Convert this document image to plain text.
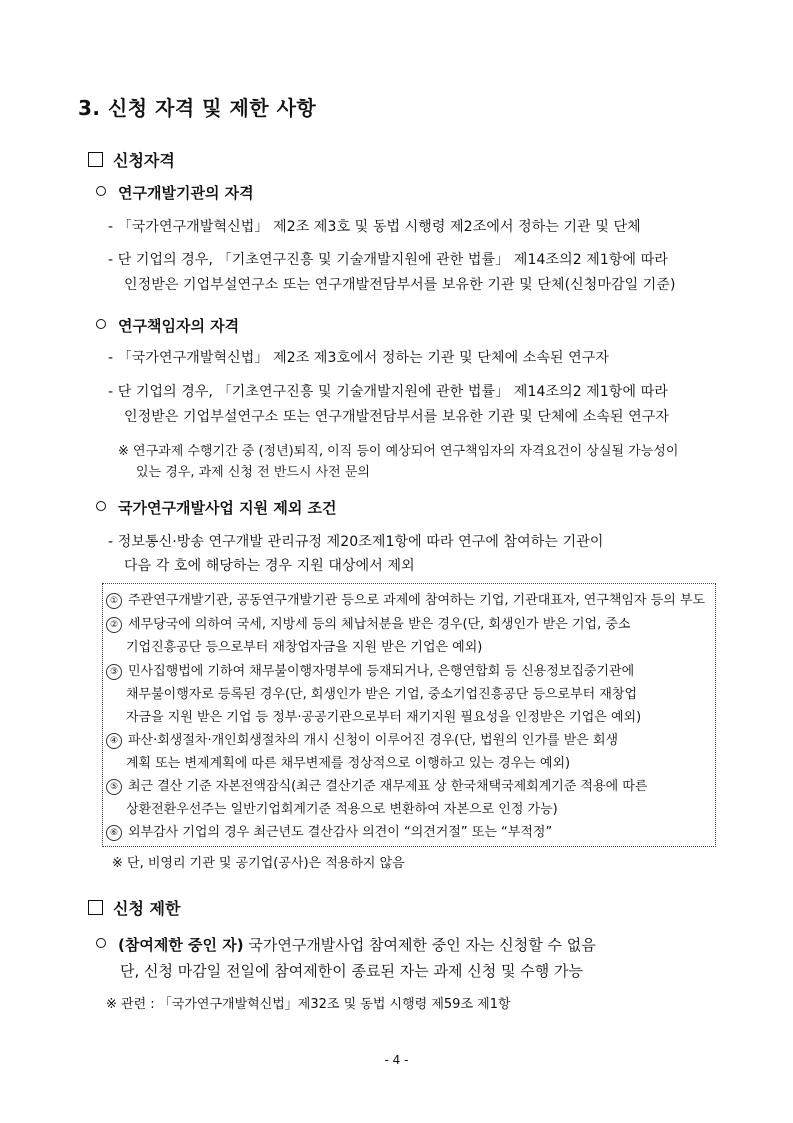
3. 신청 자격 및 제한 사항
신청자격
연구개발기관의 자격
- 「국가연구개발혁신법」 제2조 제3호 및 동법 시행령 제2조에서 정하는 기관 및 단체
- 단 기업의 경우, 「기초연구진흥 및 기술개발지원에 관한 법률」 제14조의2 제1항에 따라
인정받은 기업부설연구소 또는 연구개발전담부서를 보유한 기관 및 단체(신청마감일 기준)
연구책임자의 자격
- 「국가연구개발혁신법」 제2조 제3호에서 정하는 기관 및 단체에 소속된 연구자
- 단 기업의 경우, 「기초연구진흥 및 기술개발지원에 관한 법률」 제14조의2 제1항에 따라
인정받은 기업부설연구소 또는 연구개발전담부서를 보유한 기관 및 단체에 소속된 연구자
※ 연구과제 수행기간 중 (정년)퇴직, 이직 등이 예상되어 연구책임자의 자격요건이 상실될 가능성이
있는 경우, 과제 신청 전 반드시 사전 문의
국가연구개발사업 지원 제외 조건
- 정보통신·방송 연구개발 관리규정 제20조제1항에 따라 연구에 참여하는 기관이
다음 각 호에 해당하는 경우 지원 대상에서 제외
① 주관연구개발기관, 공동연구개발기관 등으로 과제에 참여하는 기업, 기관대표자, 연구책임자 등의 부도
② 세무당국에 의하여 국세, 지방세 등의 체납처분을 받은 경우(단, 회생인가 받은 기업, 중소
기업진흥공단 등으로부터 재창업자금을 지원 받은 기업은 예외)
③ 민사집행법에 기하여 채무불이행자명부에 등재되거나, 은행연합회 등 신용정보집중기관에
채무불이행자로 등록된 경우(단, 회생인가 받은 기업, 중소기업진흥공단 등으로부터 재창업
자금을 지원 받은 기업 등 정부·공공기관으로부터 재기지원 필요성을 인정받은 기업은 예외)
④ 파산·회생절차·개인회생절차의 개시 신청이 이루어진 경우(단, 법원의 인가를 받은 회생
계획 또는 변제계획에 따른 채무변제를 정상적으로 이행하고 있는 경우는 예외)
⑤ 최근 결산 기준 자본전액잠식(최근 결산기준 재무제표 상 한국채택국제회계기준 적용에 따른
상환전환우선주는 일반기업회계기준 적용으로 변환하여 자본으로 인정 가능)
⑥ 외부감사 기업의 경우 최근년도 결산감사 의견이 “의견거절” 또는 “부적정”
※ 단, 비영리 기관 및 공기업(공사)은 적용하지 않음
신청 제한
(참여제한 중인 자) 국가연구개발사업 참여제한 중인 자는 신청할 수 없음
단, 신청 마감일 전일에 참여제한이 종료된 자는 과제 신청 및 수행 가능
※ 관련 : 「국가연구개발혁신법」제32조 및 동법 시행령 제59조 제1항
- 4 -
